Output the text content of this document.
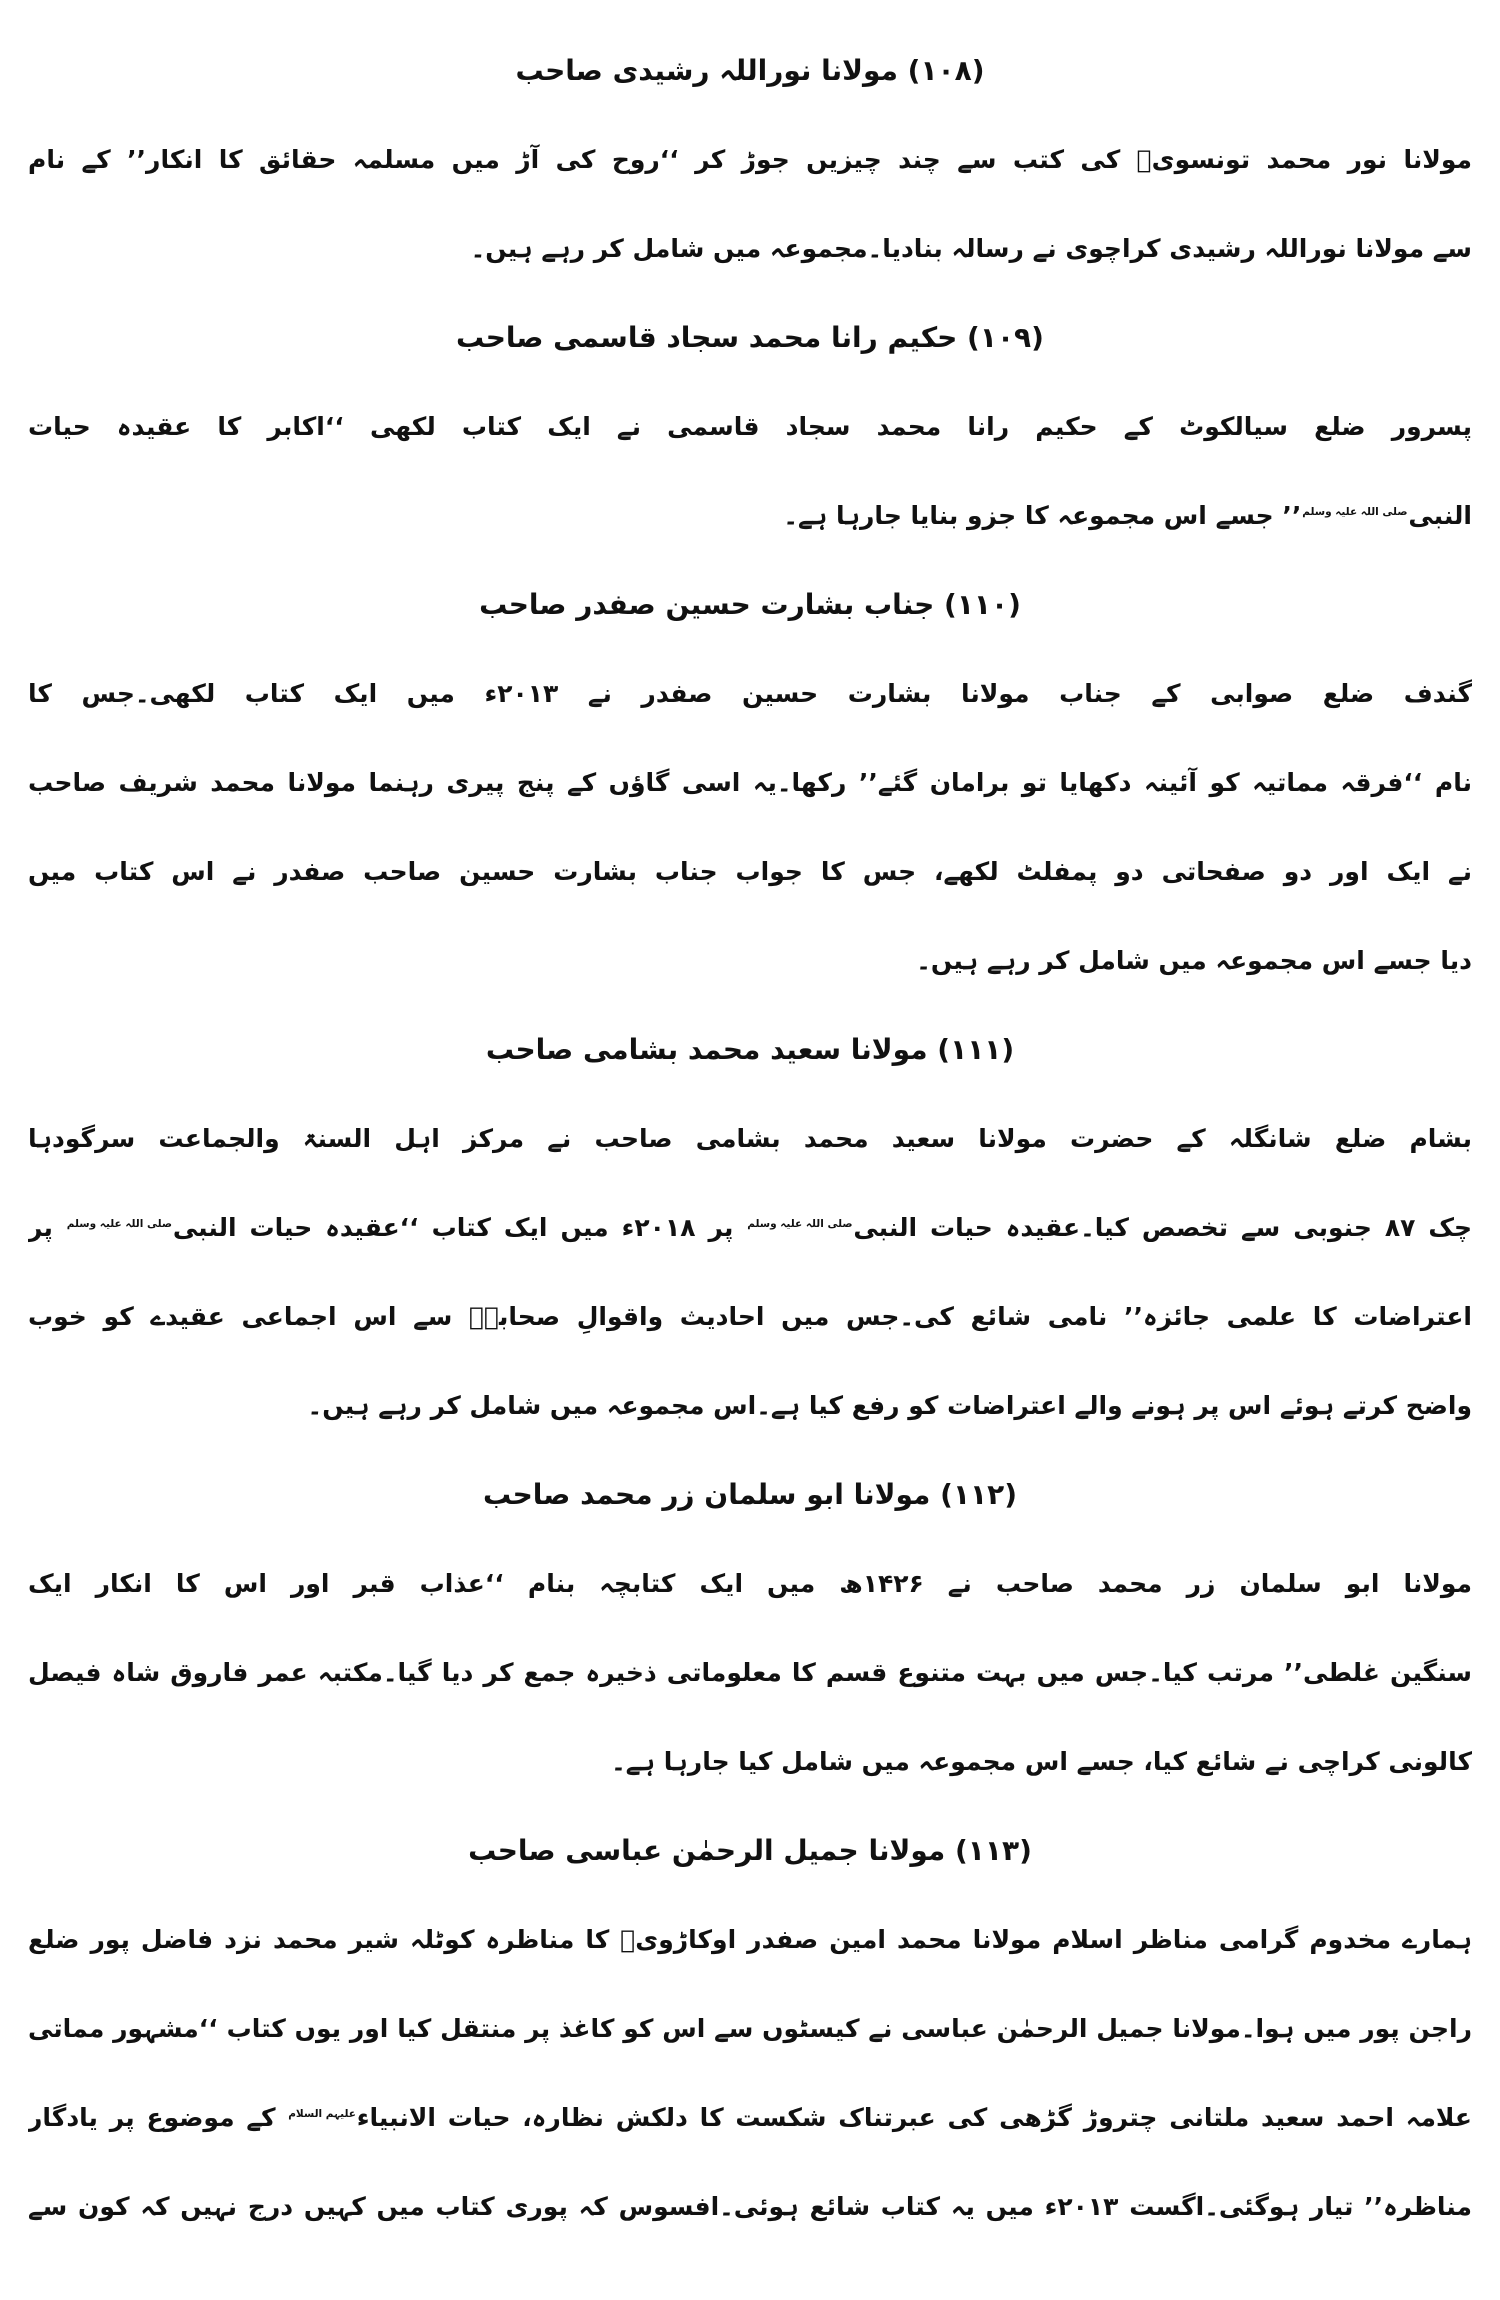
(۱۰۸) مولانا نوراللہ رشیدی صاحب

مولانا نور محمد تونسویؒ کی کتب سے چند چیزیں جوڑ کر ‘‘روح کی آڑ میں مسلمہ حقائق کا انکار’’ کے نام

سے مولانا نوراللہ رشیدی کراچوی نے رسالہ بنادیا۔مجموعہ میں شامل کر رہے ہیں۔

(۱۰۹) حکیم رانا محمد سجاد قاسمی صاحب

پسرور ضلع سیالکوٹ کے حکیم رانا محمد سجاد قاسمی نے ایک کتاب لکھی ‘‘اکابر کا عقیدہ حیات

النبیصلی اللہ علیہ وسلم’’ جسے اس مجموعہ کا جزو بنایا جارہا ہے۔

(۱۱۰) جناب بشارت حسین صفدر صاحب

گندف ضلع صوابی کے جناب مولانا بشارت حسین صفدر نے ۲۰۱۳ء میں ایک کتاب لکھی۔جس کا

نام ‘‘فرقہ مماتیہ کو آئینہ دکھایا تو برامان گئے’’ رکھا۔یہ اسی گاؤں کے پنج پیری رہنما مولانا محمد شریف صاحب

نے ایک اور دو صفحاتی دو پمفلٹ لکھے، جس کا جواب جناب بشارت حسین صاحب صفدر نے اس کتاب میں

دیا جسے اس مجموعہ میں شامل کر رہے ہیں۔

(۱۱۱) مولانا سعید محمد بشامی صاحب

بشام ضلع شانگلہ کے حضرت مولانا سعید محمد بشامی صاحب نے مرکز اہل السنۃ والجماعت سرگودہا

چک ۸۷ جنوبی سے تخصص کیا۔عقیدہ حیات النبیصلی اللہ علیہ وسلم پر ۲۰۱۸ء میں ایک کتاب ‘‘عقیدہ حیات النبیصلی اللہ علیہ وسلم پر

اعتراضات کا علمی جائزہ’’ نامی شائع کی۔جس میں احادیث واقوالِ صحابہؓ سے اس اجماعی عقیدے کو خوب

واضح کرتے ہوئے اس پر ہونے والے اعتراضات کو رفع کیا ہے۔اس مجموعہ میں شامل کر رہے ہیں۔

(۱۱۲) مولانا ابو سلمان زر محمد صاحب

مولانا ابو سلمان زر محمد صاحب نے ۱۴۲۶ھ میں ایک کتابچہ بنام ‘‘عذاب قبر اور اس کا انکار ایک

سنگین غلطی’’ مرتب کیا۔جس میں بہت متنوع قسم کا معلوماتی ذخیرہ جمع کر دیا گیا۔مکتبہ عمر فاروق شاہ فیصل

کالونی کراچی نے شائع کیا، جسے اس مجموعہ میں شامل کیا جارہا ہے۔

(۱۱۳) مولانا جمیل الرحمٰن عباسی صاحب

ہمارے مخدوم گرامی مناظر اسلام مولانا محمد امین صفدر اوکاڑویؒ کا مناظرہ کوٹلہ شیر محمد نزد فاضل پور ضلع

راجن پور میں ہوا۔مولانا جمیل الرحمٰن عباسی نے کیسٹوں سے اس کو کاغذ پر منتقل کیا اور یوں کتاب ‘‘مشہور مماتی

علامہ احمد سعید ملتانی چتروڑ گڑھی کی عبرتناک شکست کا دلکش نظارہ، حیات الانبیاءعلیہم السلام کے موضوع پر یادگار

مناظرہ’’ تیار ہوگئی۔اگست ۲۰۱۳ء میں یہ کتاب شائع ہوئی۔افسوس کہ پوری کتاب میں کہیں درج نہیں کہ کون سے
